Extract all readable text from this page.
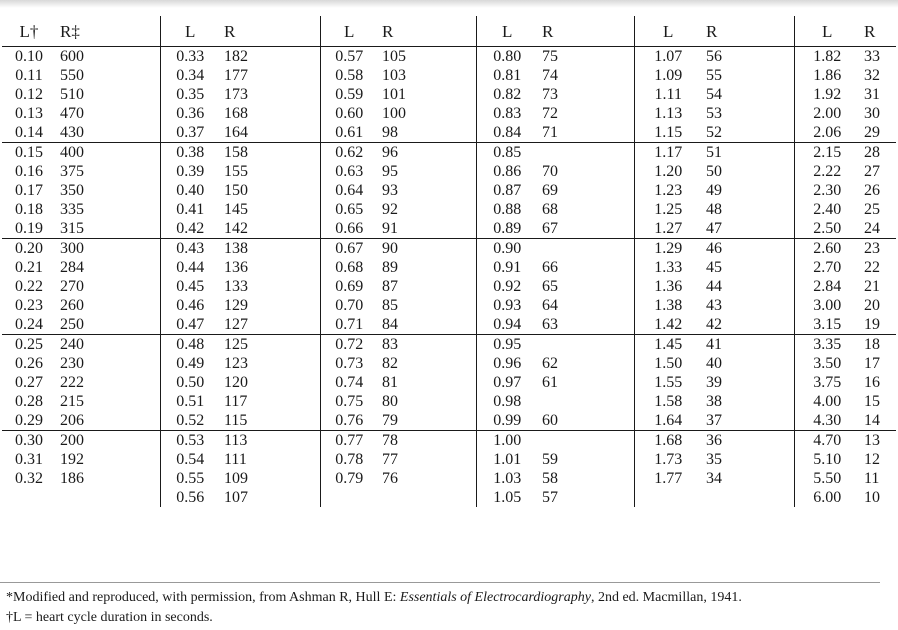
L†	R‡	L	R	L	R	L	R	L	R	L	R
0.10	600	0.33	182	0.57	105	0.80	75	1.07	56	1.82	33
0.11	550	0.34	177	0.58	103	0.81	74	1.09	55	1.86	32
0.12	510	0.35	173	0.59	101	0.82	73	1.11	54	1.92	31
0.13	470	0.36	168	0.60	100	0.83	72	1.13	53	2.00	30
0.14	430	0.37	164	0.61	98	0.84	71	1.15	52	2.06	29
0.15	400	0.38	158	0.62	96	0.85		1.17	51	2.15	28
0.16	375	0.39	155	0.63	95	0.86	70	1.20	50	2.22	27
0.17	350	0.40	150	0.64	93	0.87	69	1.23	49	2.30	26
0.18	335	0.41	145	0.65	92	0.88	68	1.25	48	2.40	25
0.19	315	0.42	142	0.66	91	0.89	67	1.27	47	2.50	24
0.20	300	0.43	138	0.67	90	0.90		1.29	46	2.60	23
0.21	284	0.44	136	0.68	89	0.91	66	1.33	45	2.70	22
0.22	270	0.45	133	0.69	87	0.92	65	1.36	44	2.84	21
0.23	260	0.46	129	0.70	85	0.93	64	1.38	43	3.00	20
0.24	250	0.47	127	0.71	84	0.94	63	1.42	42	3.15	19
0.25	240	0.48	125	0.72	83	0.95		1.45	41	3.35	18
0.26	230	0.49	123	0.73	82	0.96	62	1.50	40	3.50	17
0.27	222	0.50	120	0.74	81	0.97	61	1.55	39	3.75	16
0.28	215	0.51	117	0.75	80	0.98		1.58	38	4.00	15
0.29	206	0.52	115	0.76	79	0.99	60	1.64	37	4.30	14
0.30	200	0.53	113	0.77	78	1.00		1.68	36	4.70	13
0.31	192	0.54	111	0.78	77	1.01	59	1.73	35	5.10	12
0.32	186	0.55	109	0.79	76	1.03	58	1.77	34	5.50	11
		0.56	107			1.05	57			6.00	10
*Modified and reproduced, with permission, from Ashman R, Hull E: Essentials of Electrocardiography, 2nd ed. Macmillan, 1941.
†L = heart cycle duration in seconds.
